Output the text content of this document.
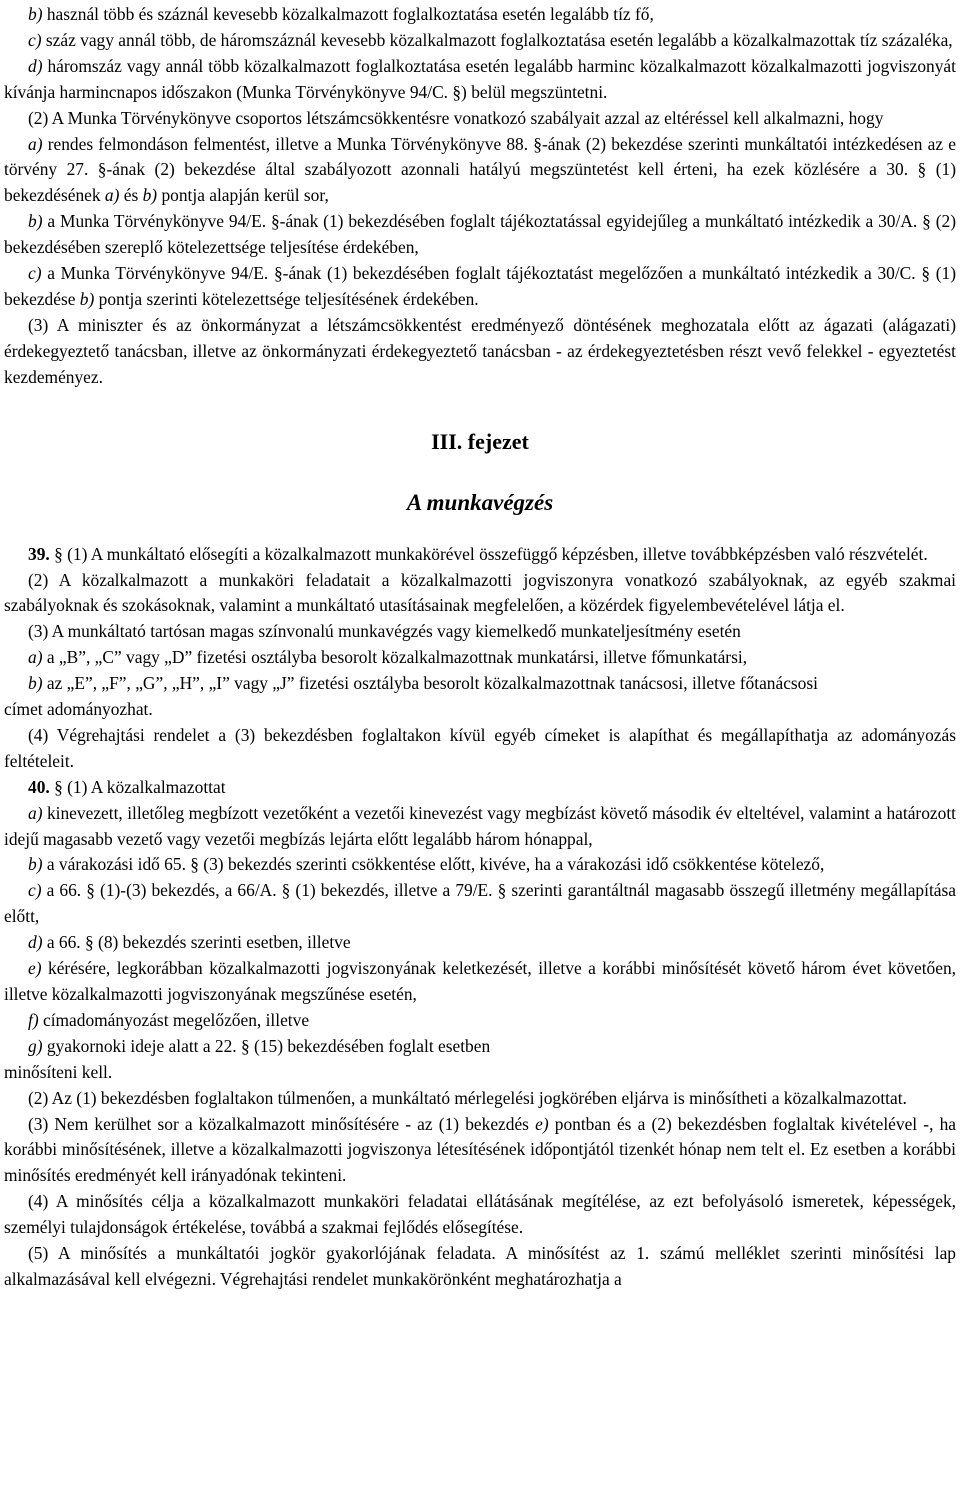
b) használ több és száznál kevesebb közalkalmazott foglalkoztatása esetén legalább tíz fő,

c) száz vagy annál több, de háromszáznál kevesebb közalkalmazott foglalkoztatása esetén legalább a közalkalmazottak tíz százaléka,

d) háromszáz vagy annál több közalkalmazott foglalkoztatása esetén legalább harminc közalkalmazott közalkalmazotti jogviszonyát kívánja harmincnapos időszakon (Munka Törvénykönyve 94/C. §) belül megszüntetni.

(2) A Munka Törvénykönyve csoportos létszámcsökkentésre vonatkozó szabályait azzal az eltéréssel kell alkalmazni, hogy

a) rendes felmondáson felmentést, illetve a Munka Törvénykönyve 88. §-ának (2) bekezdése szerinti munkáltatói intézkedésen az e törvény 27. §-ának (2) bekezdése által szabályozott azonnali hatályú megszüntetést kell érteni, ha ezek közlésére a 30. § (1) bekezdésének a) és b) pontja alapján kerül sor,

b) a Munka Törvénykönyve 94/E. §-ának (1) bekezdésében foglalt tájékoztatással egyidejűleg a munkáltató intézkedik a 30/A. § (2) bekezdésében szereplő kötelezettsége teljesítése érdekében,

c) a Munka Törvénykönyve 94/E. §-ának (1) bekezdésében foglalt tájékoztatást megelőzően a munkáltató intézkedik a 30/C. § (1) bekezdése b) pontja szerinti kötelezettsége teljesítésének érdekében.

(3) A miniszter és az önkormányzat a létszámcsökkentést eredményező döntésének meghozatala előtt az ágazati (alágazati) érdekegyeztető tanácsban, illetve az önkormányzati érdekegyeztető tanácsban - az érdekegyeztetésben részt vevő felekkel - egyeztetést kezdeményez.

III. fejezet
A munkavégzés

39. § (1) A munkáltató elősegíti a közalkalmazott munkakörével összefüggő képzésben, illetve továbbképzésben való részvételét.

(2) A közalkalmazott a munkaköri feladatait a közalkalmazotti jogviszonyra vonatkozó szabályoknak, az egyéb szakmai szabályoknak és szokásoknak, valamint a munkáltató utasításainak megfelelően, a közérdek figyelembevételével látja el.

(3) A munkáltató tartósan magas színvonalú munkavégzés vagy kiemelkedő munkateljesítmény esetén

a) a „B”, „C” vagy „D” fizetési osztályba besorolt közalkalmazottnak munkatársi, illetve főmunkatársi,

b) az „E”, „F”, „G”, „H”, „I” vagy „J” fizetési osztályba besorolt közalkalmazottnak tanácsosi, illetve főtanácsosi

címet adományozhat.

(4) Végrehajtási rendelet a (3) bekezdésben foglaltakon kívül egyéb címeket is alapíthat és megállapíthatja az adományozás feltételeit.

40. § (1) A közalkalmazottat

a) kinevezett, illetőleg megbízott vezetőként a vezetői kinevezést vagy megbízást követő második év elteltével, valamint a határozott idejű magasabb vezető vagy vezetői megbízás lejárta előtt legalább három hónappal,

b) a várakozási idő 65. § (3) bekezdés szerinti csökkentése előtt, kivéve, ha a várakozási idő csökkentése kötelező,

c) a 66. § (1)-(3) bekezdés, a 66/A. § (1) bekezdés, illetve a 79/E. § szerinti garantáltnál magasabb összegű illetmény megállapítása előtt,

d) a 66. § (8) bekezdés szerinti esetben, illetve

e) kérésére, legkorábban közalkalmazotti jogviszonyának keletkezését, illetve a korábbi minősítését követő három évet követően, illetve közalkalmazotti jogviszonyának megszűnése esetén,

f) címadományozást megelőzően, illetve

g) gyakornoki ideje alatt a 22. § (15) bekezdésében foglalt esetben

minősíteni kell.

(2) Az (1) bekezdésben foglaltakon túlmenően, a munkáltató mérlegelési jogkörében eljárva is minősítheti a közalkalmazottat.

(3) Nem kerülhet sor a közalkalmazott minősítésére - az (1) bekezdés e) pontban és a (2) bekezdésben foglaltak kivételével -, ha korábbi minősítésének, illetve a közalkalmazotti jogviszonya létesítésének időpontjától tizenkét hónap nem telt el. Ez esetben a korábbi minősítés eredményét kell irányadónak tekinteni.

(4) A minősítés célja a közalkalmazott munkaköri feladatai ellátásának megítélése, az ezt befolyásoló ismeretek, képességek, személyi tulajdonságok értékelése, továbbá a szakmai fejlődés elősegítése.

(5) A minősítés a munkáltatói jogkör gyakorlójának feladata. A minősítést az 1. számú melléklet szerinti minősítési lap alkalmazásával kell elvégezni. Végrehajtási rendelet munkakörönként meghatározhatja a
